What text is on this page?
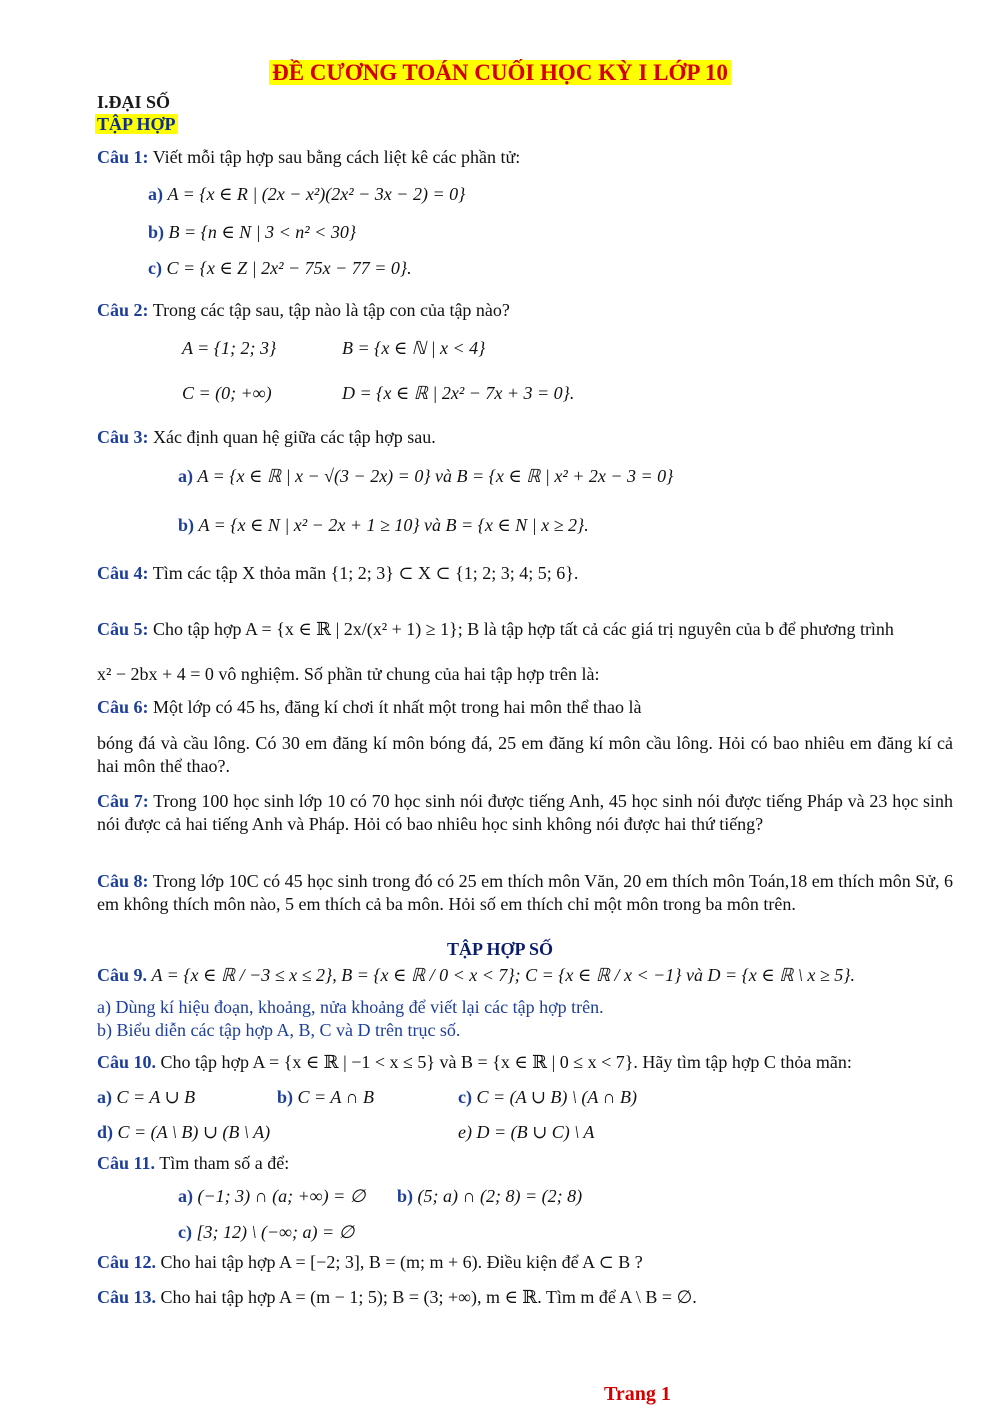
ĐỀ CƯƠNG TOÁN CUỐI HỌC KỲ I LỚP 10
I.ĐẠI SỐ
TẬP HỢP
Câu 1: Viết mỗi tập hợp sau bằng cách liệt kê các phần tử:
a) A = {x ∈ R | (2x − x²)(2x² − 3x − 2) = 0}
b) B = {n ∈ N | 3 < n² < 30}
c) C = {x ∈ Z | 2x² − 75x − 77 = 0}.
Câu 2: Trong các tập sau, tập nào là tập con của tập nào?
A = {1; 2; 3}	B = {x ∈ ℕ | x < 4}
C = (0; +∞)	D = {x ∈ ℝ | 2x² − 7x + 3 = 0}.
Câu 3: Xác định quan hệ giữa các tập hợp sau.
a) A = {x ∈ ℝ | x − √(3 − 2x) = 0} và B = {x ∈ ℝ | x² + 2x − 3 = 0}
b) A = {x ∈ N | x² − 2x + 1 ≥ 10} và B = {x ∈ N | x ≥ 2}.
Câu 4: Tìm các tập X thỏa mãn {1; 2; 3} ⊂ X ⊂ {1; 2; 3; 4; 5; 6}.
Câu 5: Cho tập hợp A = {x ∈ ℝ | 2x/(x² + 1) ≥ 1}; B là tập hợp tất cả các giá trị nguyên của b để phương trình
x² − 2bx + 4 = 0 vô nghiệm. Số phần tử chung của hai tập hợp trên là:
Câu 6: Một lớp có 45 hs, đăng kí chơi ít nhất một trong hai môn thể thao là
bóng đá và cầu lông. Có 30 em đăng kí môn bóng đá, 25 em đăng kí môn cầu lông. Hỏi có bao nhiêu em đăng kí cả hai môn thể thao?.
Câu 7: Trong 100 học sinh lớp 10 có 70 học sinh nói được tiếng Anh, 45 học sinh nói được tiếng Pháp và 23 học sinh nói được cả hai tiếng Anh và Pháp. Hỏi có bao nhiêu học sinh không nói được hai thứ tiếng?
Câu 8: Trong lớp 10C có 45 học sinh trong đó có 25 em thích môn Văn, 20 em thích môn Toán,18 em thích môn Sử, 6 em không thích môn nào, 5 em thích cả ba môn. Hỏi số em thích chỉ một môn trong ba môn trên.
TẬP HỢP SỐ
Câu 9. A = {x ∈ ℝ / −3 ≤ x ≤ 2}, B = {x ∈ ℝ / 0 < x < 7}; C = {x ∈ ℝ / x < −1} và D = {x ∈ ℝ \ x ≥ 5}.
a) Dùng kí hiệu đoạn, khoảng, nửa khoảng để viết lại các tập hợp trên.
b) Biểu diễn các tập hợp A, B, C và D trên trục số.
Câu 10. Cho tập hợp A = {x ∈ ℝ | −1 < x ≤ 5} và B = {x ∈ ℝ | 0 ≤ x < 7}. Hãy tìm tập hợp C thỏa mãn:
a) C = A ∪ B	b) C = A ∩ B	c) C = (A ∪ B) \ (A ∩ B)
d) C = (A \ B) ∪ (B \ A)	e) D = (B ∪ C) \ A
Câu 11. Tìm tham số a để:
a) (−1; 3) ∩ (a; +∞) = ∅ b) (5; a) ∩ (2; 8) = (2; 8)
c) [3; 12) \ (−∞; a) = ∅
Câu 12. Cho hai tập hợp A = [−2; 3], B = (m; m + 6). Điều kiện để A ⊂ B ?
Câu 13. Cho hai tập hợp A = (m − 1; 5); B = (3; +∞), m ∈ ℝ. Tìm m để A \ B = ∅.
Trang 1
